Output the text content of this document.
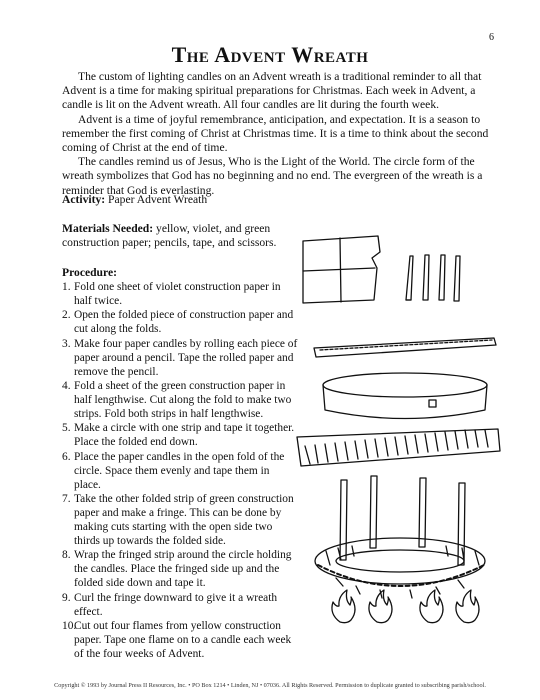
6
The Advent Wreath

The custom of lighting candles on an Advent wreath is a traditional reminder to all that Advent is a time for making spiritual preparations for Christmas. Each week in Advent, a candle is lit on the Advent wreath. All four candles are lit during the fourth week.

Advent is a time of joyful remembrance, anticipation, and expectation. It is a season to remember the first coming of Christ at Christmas time. It is a time to think about the second coming of Christ at the end of time.

The candles remind us of Jesus, Who is the Light of the World. The circle form of the wreath symbolizes that God has no beginning and no end. The evergreen of the wreath is a reminder that God is everlasting.

Activity: Paper Advent Wreath
Materials Needed: yellow, violet, and green construction paper; pencils, tape, and scissors.
Procedure:
1. Fold one sheet of violet construction paper in half twice.
2. Open the folded piece of construction paper and cut along the folds.
3. Make four paper candles by rolling each piece of paper around a pencil. Tape the rolled paper and remove the pencil.
4. Fold a sheet of the green construction paper in half lengthwise. Cut along the fold to make two strips. Fold both strips in half lengthwise.
5. Make a circle with one strip and tape it together. Place the folded end down.
6. Place the paper candles in the open fold of the circle. Space them evenly and tape them in place.
7. Take the other folded strip of green construction paper and make a fringe. This can be done by making cuts starting with the open side two thirds up towards the folded side.
8. Wrap the fringed strip around the circle holding the candles. Place the fringed side up and the folded side down and tape it.
9. Curl the fringe downward to give it a wreath effect.
10.Cut out four flames from yellow construction paper. Tape one flame on to a candle each week of the four weeks of Advent.
Copyright © 1993 by Journal Press II Resources, Inc. • PO Box 1214 • Linden, NJ • 07036. All Rights Reserved. Permission to duplicate granted to subscribing parish/school.
